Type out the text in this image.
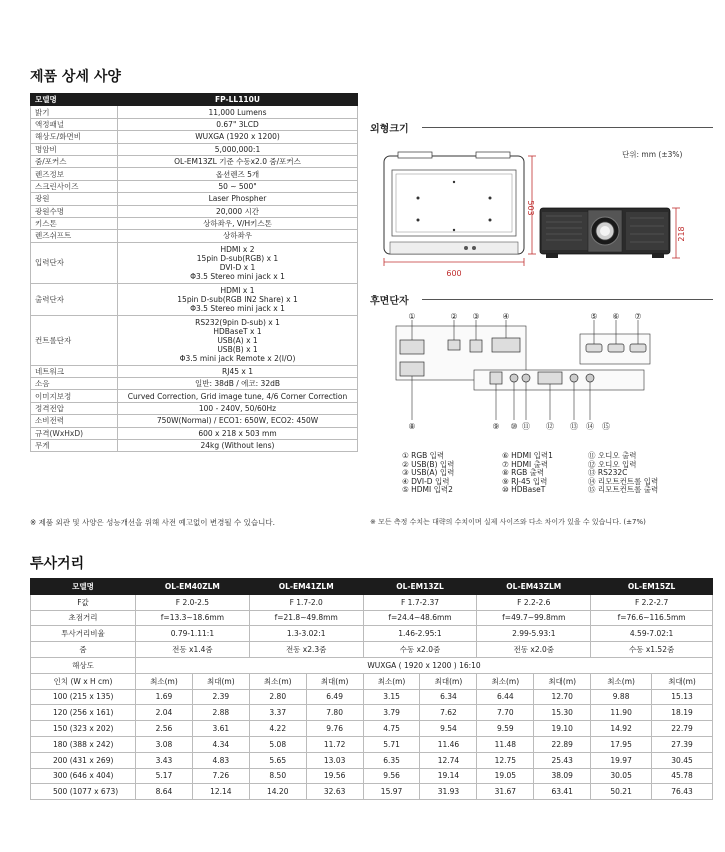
제품 상세 사양
모델명	FP-LL110U
밝기	11,000 Lumens
액정패널	0.67" 3LCD
해상도/화면비	WUXGA (1920 x 1200)
명암비	5,000,000:1
줌/포커스	OL-EM13ZL 기준 수동x2.0 줌/포커스
렌즈정보	옵션렌즈 5개
스크린사이즈	50 ~ 500"
광원	Laser Phospher
광원수명	20,000 시간
키스톤	상하좌우, V/H키스톤
렌즈쉬프트	상하좌우
입력단자	HDMI x 2
15pin D-sub(RGB) x 1
DVI-D x 1
Φ3.5 Stereo mini jack x 1
출력단자	HDMI x 1
15pin D-sub(RGB IN2 Share) x 1
Φ3.5 Stereo mini jack x 1
컨트롤단자	RS232(9pin D-sub) x 1
HDBaseT x 1
USB(A) x 1
USB(B) x 1
Φ3.5 mini jack Remote x 2(I/O)
네트워크	RJ45 x 1
소음	일반: 38dB / 에코: 32dB
이미지보정	Curved Correction, Grid image tune, 4/6 Corner Correction
정격전압	100 - 240V, 50/60Hz
소비전력	750W(Normal) / ECO1: 650W, ECO2: 450W
규격(WxHxD)	600 x 218 x 503 mm
무게	24kg (Without lens)
※ 제품 외관 및 사양은 성능개선을 위해 사전 예고없이 변경될 수 있습니다.
외형크기
단위: mm (±3%)
600
503
218
후면단자
①	② ③	④	⑤ ⑥ ⑦
⑧	⑨ ⑩ ⑪ ⑫ ⑬ ⑭ ⑮
① RGB 입력
② USB(B) 입력
③ USB(A) 입력
④ DVI-D 입력
⑤ HDMI 입력2
⑥ HDMI 입력1
⑦ HDMI 출력
⑧ RGB 출력
⑨ RJ-45 입력
⑩ HDBaseT
⑪ 오디오 출력
⑫ 오디오 입력
⑬ RS232C
⑭ 리모트컨트롤 입력
⑮ 리모트컨트롤 출력
※ 모든 측정 수치는 대략의 수치이며 실제 사이즈와 다소 차이가 있을 수 있습니다. (±7%)
투사거리
모델명	OL-EM40ZLM		OL-EM41ZLM		OL-EM13ZL		OL-EM43ZLM		OL-EM15ZL	
F값	F 2.0-2.5		F 1.7-2.0		F 1.7-2.37		F 2.2-2.6		F 2.2-2.7	
초점거리	f=13.3~18.6mm		f=21.8~49.8mm		f=24.4~48.6mm		f=49.7~99.8mm		f=76.6~116.5mm	
투사거리비율	0.79-1.11:1		1.3-3.02:1		1.46-2.95:1		2.99-5.93:1		4.59-7.02:1	
줌	전동 x1.4줌		전동 x2.3줌		수동 x2.0줌		전동 x2.0줌		수동 x1.52줌	
해상도	WUXGA ( 1920 x 1200 ) 16:10									
인치 (W x H cm)	최소(m)	최대(m)	최소(m)	최대(m)	최소(m)	최대(m)	최소(m)	최대(m)	최소(m)	최대(m)
100 (215 x 135)	1.69	2.39	2.80	6.49	3.15	6.34	6.44	12.70	9.88	15.13
120 (256 x 161)	2.04	2.88	3.37	7.80	3.79	7.62	7.70	15.30	11.90	18.19
150 (323 x 202)	2.56	3.61	4.22	9.76	4.75	9.54	9.59	19.10	14.92	22.79
180 (388 x 242)	3.08	4.34	5.08	11.72	5.71	11.46	11.48	22.89	17.95	27.39
200 (431 x 269)	3.43	4.83	5.65	13.03	6.35	12.74	12.75	25.43	19.97	30.45
300 (646 x 404)	5.17	7.26	8.50	19.56	9.56	19.14	19.05	38.09	30.05	45.78
500 (1077 x 673)	8.64	12.14	14.20	32.63	15.97	31.93	31.67	63.41	50.21	76.43
